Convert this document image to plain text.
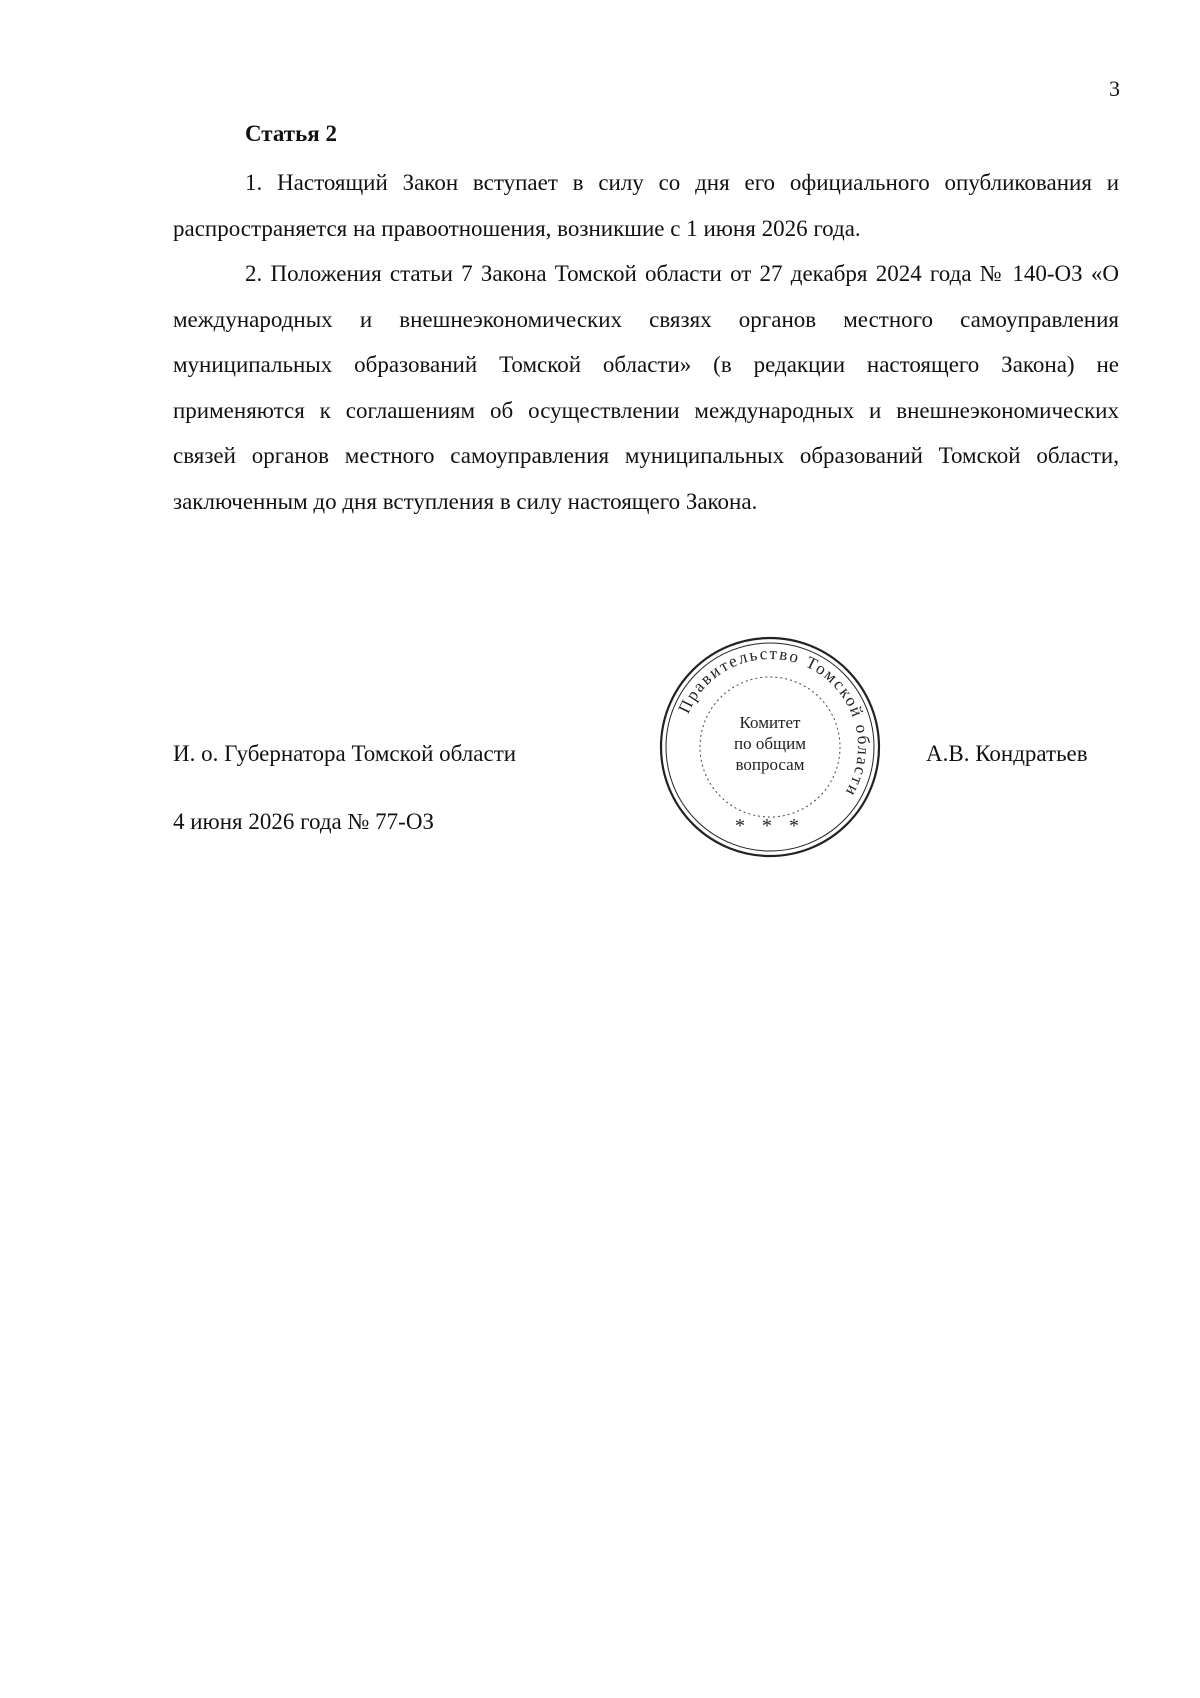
3
Статья 2

1. Настоящий Закон вступает в силу со дня его официального опубликования и распространяется на правоотношения, возникшие с 1 июня 2026 года.

2. Положения статьи 7 Закона Томской области от 27 декабря 2024 года № 140-ОЗ «О международных и внешнеэкономических связях органов местного самоуправления муниципальных образований Томской области» (в редакции настоящего Закона) не применяются к соглашениям об осуществлении международных и внешнеэкономических связей органов местного самоуправления муниципальных образований Томской области, заключенным до дня вступления в силу настоящего Закона.

И. о. Губернатора Томской области
Правительство Томской области
Комитет
по общим
вопросам
* * *
А.В. Кондратьев
4 июня 2026 года № 77-ОЗ
